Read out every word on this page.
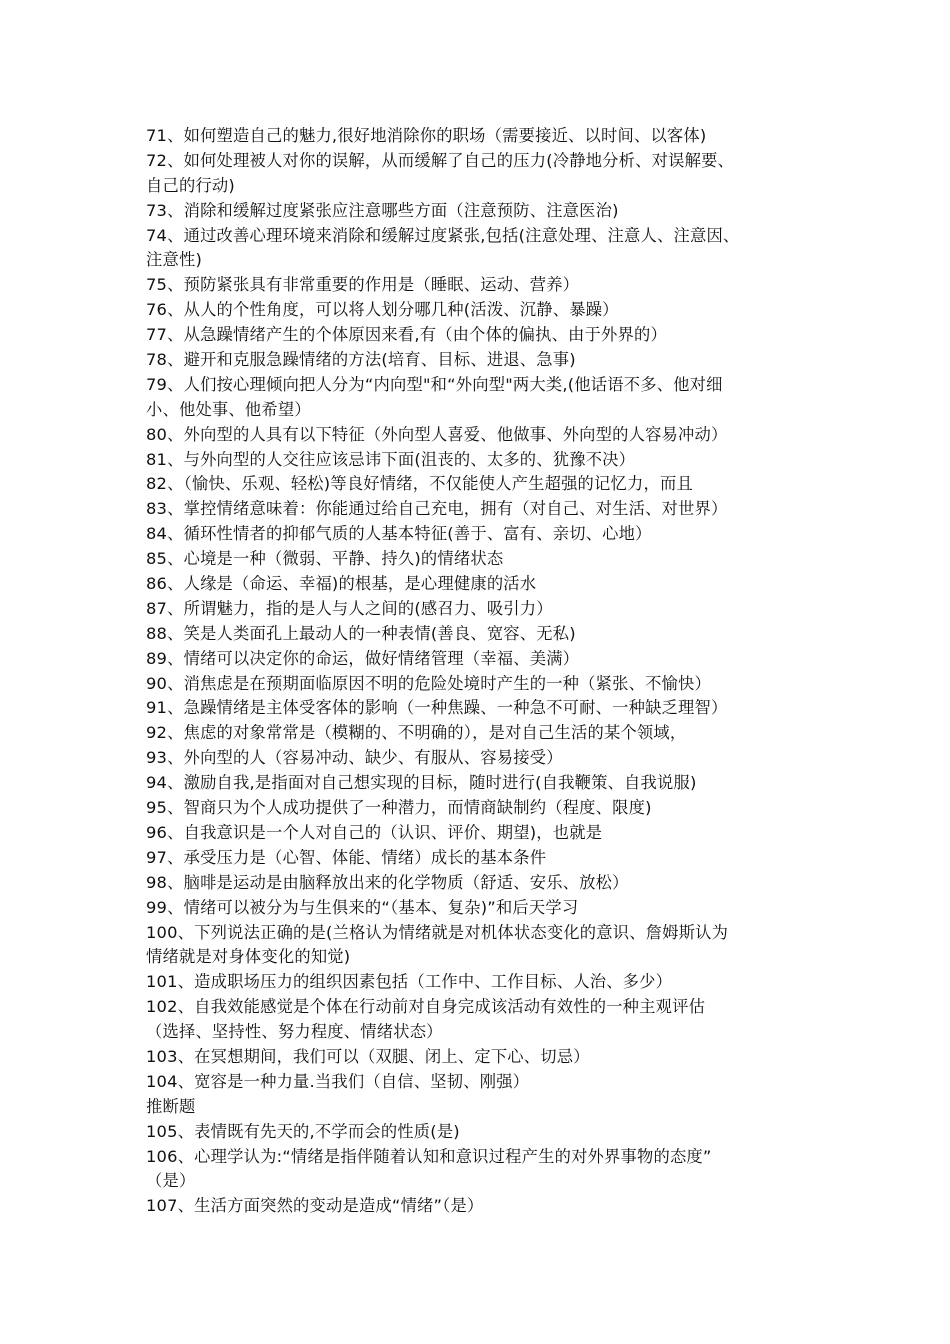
71、如何塑造自己的魅力,很好地消除你的职场（需要接近、以时间、以客体)
72、如何处理被人对你的误解，从而缓解了自己的压力(冷静地分析、对误解要、
自己的行动)
73、消除和缓解过度紧张应注意哪些方面（注意预防、注意医治)
74、通过改善心理环境来消除和缓解过度紧张,包括(注意处理、注意人、注意因、
注意性)
75、预防紧张具有非常重要的作用是（睡眠、运动、营养）
76、从人的个性角度，可以将人划分哪几种(活泼、沉静、暴躁）
77、从急躁情绪产生的个体原因来看,有（由个体的偏执、由于外界的）
78、避开和克服急躁情绪的方法(培育、目标、进退、急事)
79、人们按心理倾向把人分为“内向型"和“外向型"两大类,(他话语不多、他对细
小、他处事、他希望）
80、外向型的人具有以下特征（外向型人喜爱、他做事、外向型的人容易冲动）
81、与外向型的人交往应该忌讳下面(沮丧的、太多的、犹豫不决）
82、（愉快、乐观、轻松)等良好情绪，不仅能使人产生超强的记忆力，而且
83、掌控情绪意味着：你能通过给自己充电，拥有（对自己、对生活、对世界）
84、循环性情者的抑郁气质的人基本特征(善于、富有、亲切、心地）
85、心境是一种（微弱、平静、持久)的情绪状态
86、人缘是（命运、幸福)的根基，是心理健康的活水
87、所谓魅力，指的是人与人之间的(感召力、吸引力）
88、笑是人类面孔上最动人的一种表情(善良、宽容、无私)
89、情绪可以决定你的命运，做好情绪管理（幸福、美满）
90、消焦虑是在预期面临原因不明的危险处境时产生的一种（紧张、不愉快）
91、急躁情绪是主体受客体的影响（一种焦躁、一种急不可耐、一种缺乏理智）
92、焦虑的对象常常是（模糊的、不明确的），是对自己生活的某个领域，
93、外向型的人（容易冲动、缺少、有服从、容易接受）
94、激励自我,是指面对自己想实现的目标，随时进行(自我鞭策、自我说服)
95、智商只为个人成功提供了一种潜力，而情商缺制约（程度、限度)
96、自我意识是一个人对自己的（认识、评价、期望)，也就是
97、承受压力是（心智、体能、情绪）成长的基本条件
98、脑啡是运动是由脑释放出来的化学物质（舒适、安乐、放松）
99、情绪可以被分为与生俱来的“（基本、复杂)”和后天学习
100、下列说法正确的是(兰格认为情绪就是对机体状态变化的意识、詹姆斯认为
情绪就是对身体变化的知觉)
101、造成职场压力的组织因素包括（工作中、工作目标、人治、多少）
102、自我效能感觉是个体在行动前对自身完成该活动有效性的一种主观评估
（选择、坚持性、努力程度、情绪状态）
103、在冥想期间，我们可以（双腿、闭上、定下心、切忌）
104、宽容是一种力量.当我们（自信、坚韧、刚强）
推断题
105、表情既有先天的,不学而会的性质(是)
106、心理学认为:“情绪是指伴随着认知和意识过程产生的对外界事物的态度”
（是）
107、生活方面突然的变动是造成“情绪”（是）
